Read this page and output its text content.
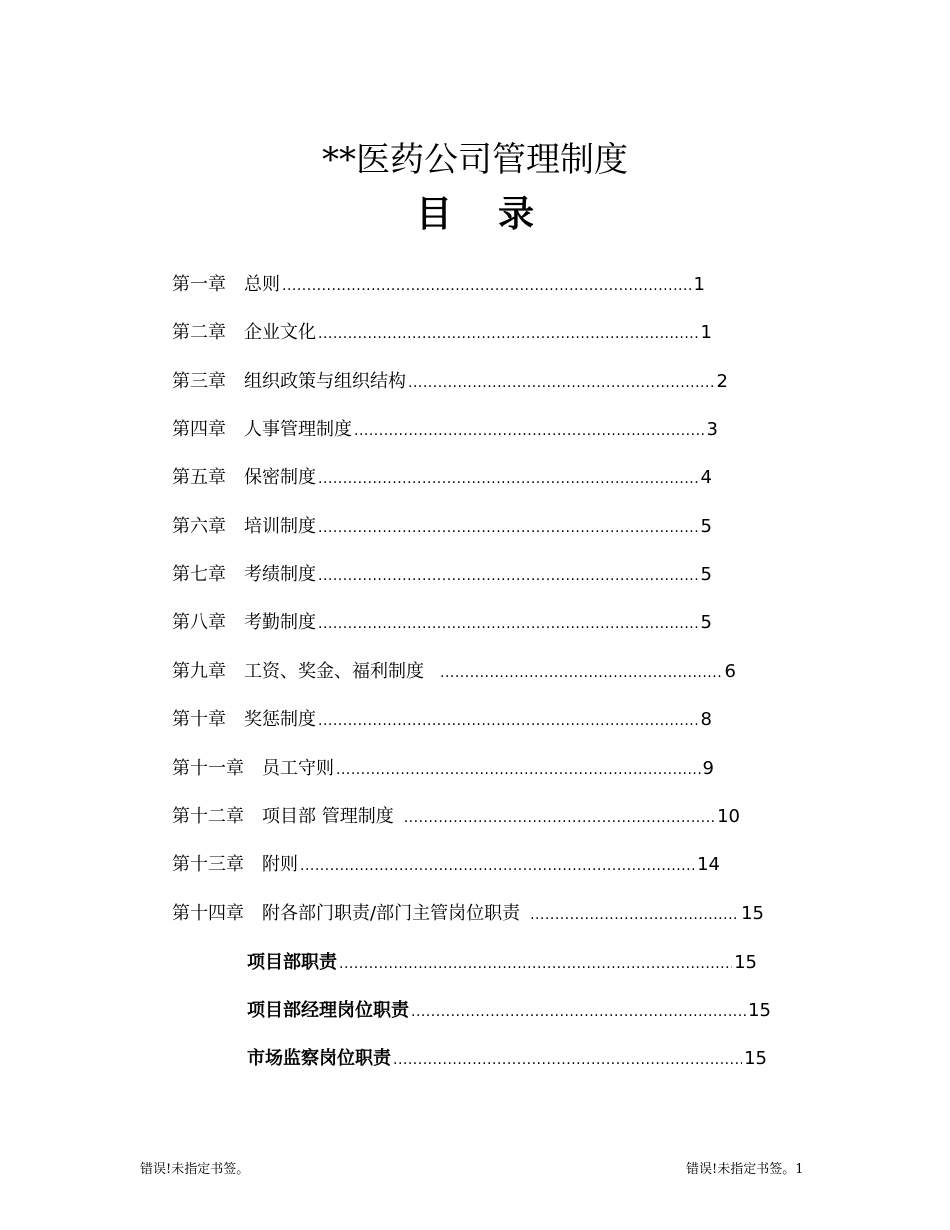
**医药公司管理制度
目录
第一章 总则 .....	1
第二章 企业文化 .....	1
第三章 组织政策与组织结构 .....	2
第四章 人事管理制度 .....	3
第五章 保密制度 .....	4
第六章 培训制度 .....	5
第七章 考绩制度 .....	5
第八章 考勤制度 .....	5
第九章 工资、奖金、福利制度 .....	6
第十章 奖惩制度 .....	8
第十一章 员工守则 .....	9
第十二章 项目部 管理制度 .....	10
第十三章 附则 .....	14
第十四章 附各部门职责/部门主管岗位职责 .....	15
项目部职责 .....	15
项目部经理岗位职责 .....	15
市场监察岗位职责 .....	15
错误!未指定书签。	错误!未指定书签。1
